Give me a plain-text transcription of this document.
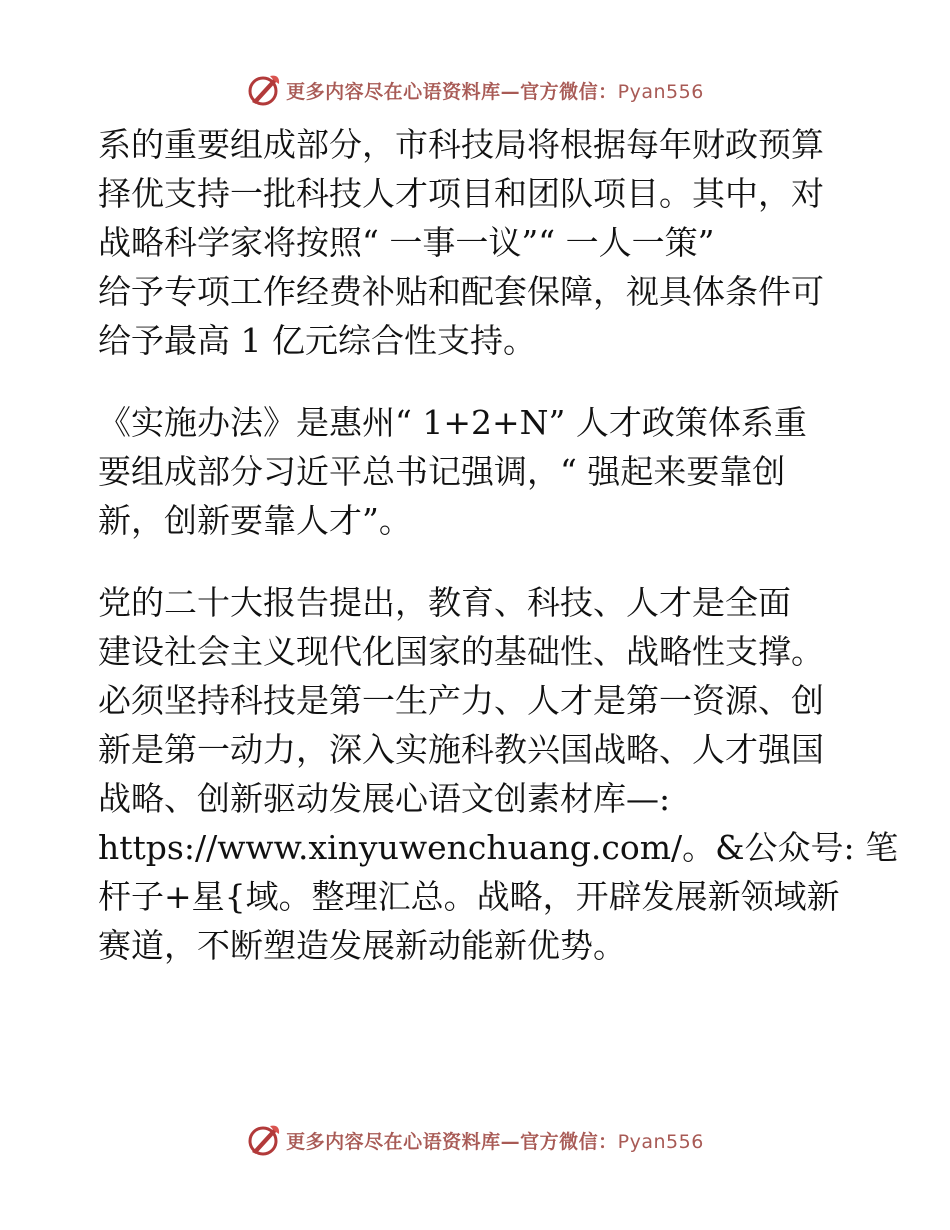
更多内容尽在心语资料库—官方微信：Pyan556

系的重要组成部分，市科技局将根据每年财政预算
择优支持一批科技人才项目和团队项目。其中，对
战略科学家将按照“ 一事一议”“ 一人一策”
给予专项工作经费补贴和配套保障，视具体条件可
给予最高 1 亿元综合性支持。

《实施办法》是惠州“ 1+2+N” 人才政策体系重
要组成部分习近平总书记强调，“ 强起来要靠创
新，创新要靠人才”。

党的二十大报告提出，教育、科技、人才是全面
建设社会主义现代化国家的基础性、战略性支撑。
必须坚持科技是第一生产力、人才是第一资源、创
新是第一动力，深入实施科教兴国战略、人才强国
战略、创新驱动发展心语文创素材库—:
https://www.xinyuwenchuang.com/。&公众号: 笔
杆子+星{域。整理汇总。战略，开辟发展新领域新
赛道，不断塑造发展新动能新优势。

更多内容尽在心语资料库—官方微信：Pyan556
